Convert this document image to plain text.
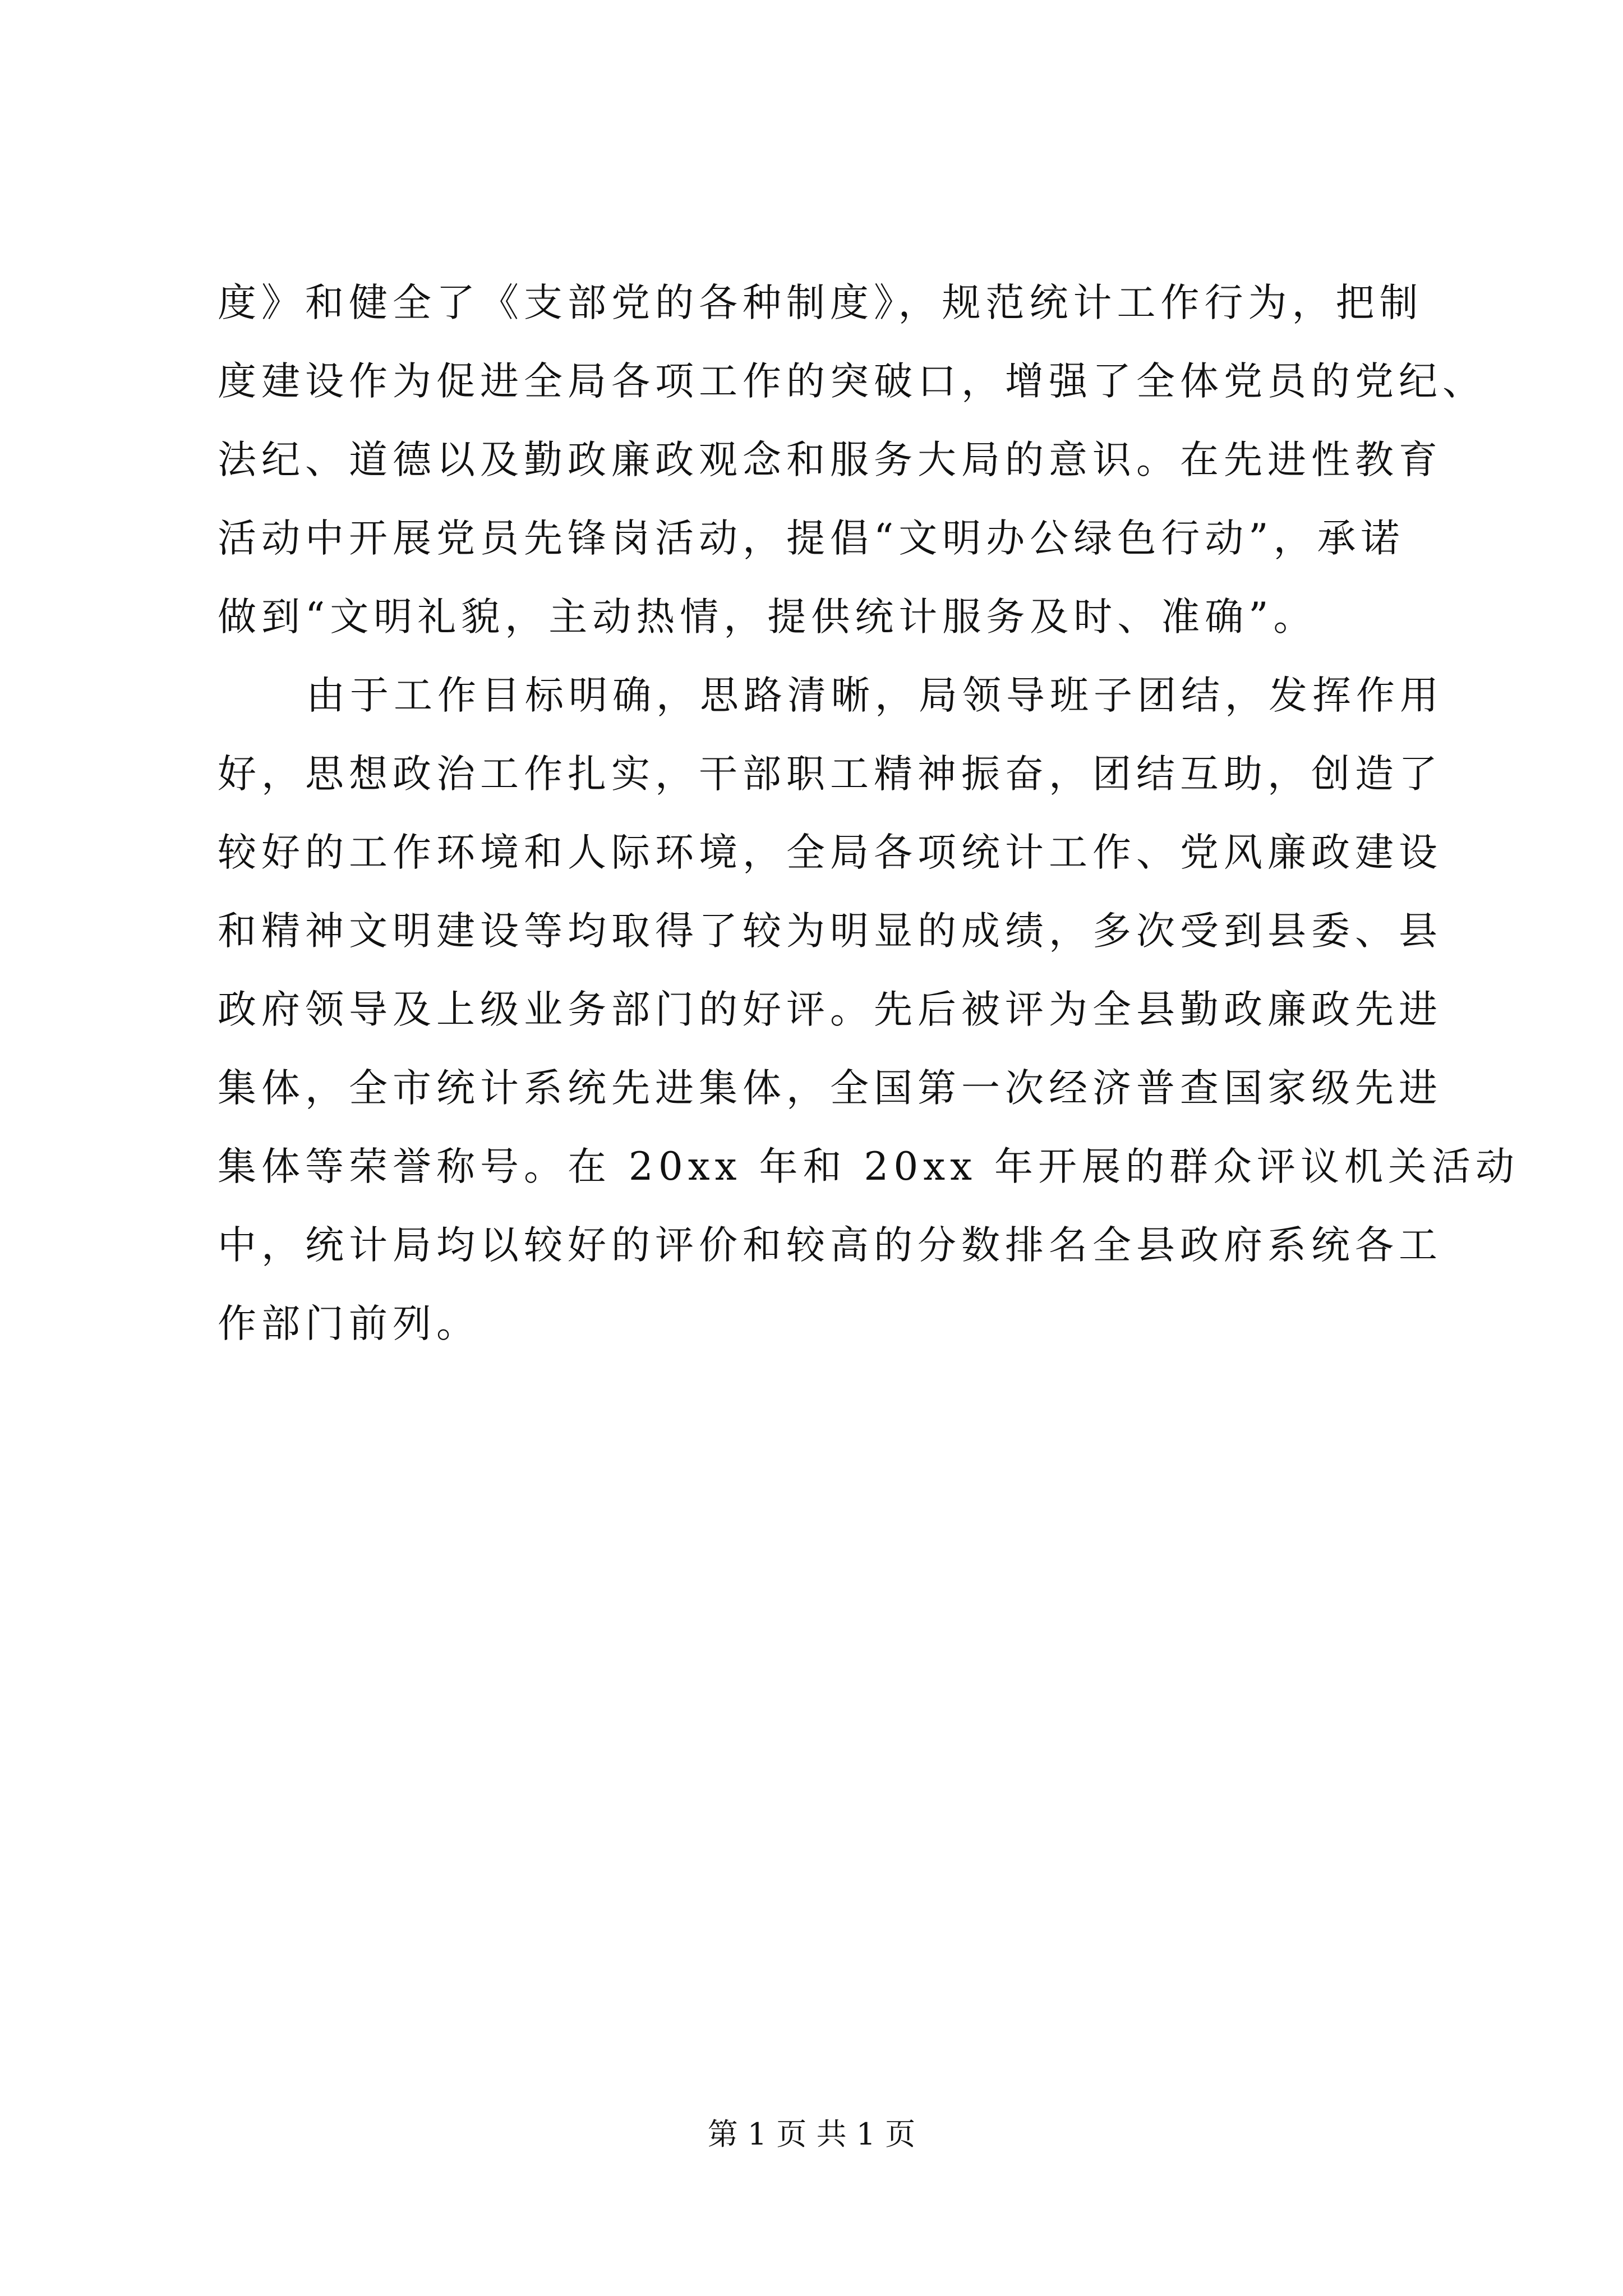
度》和健全了《支部党的各种制度》，规范统计工作行为，把制
度建设作为促进全局各项工作的突破口，增强了全体党员的党纪、
法纪、道德以及勤政廉政观念和服务大局的意识。在先进性教育
活动中开展党员先锋岗活动，提倡“文明办公绿色行动”，承诺
做到“文明礼貌，主动热情，提供统计服务及时、准确”。
由于工作目标明确，思路清晰，局领导班子团结，发挥作用
好，思想政治工作扎实，干部职工精神振奋，团结互助，创造了
较好的工作环境和人际环境，全局各项统计工作、党风廉政建设
和精神文明建设等均取得了较为明显的成绩，多次受到县委、县
政府领导及上级业务部门的好评。先后被评为全县勤政廉政先进
集体，全市统计系统先进集体，全国第一次经济普查国家级先进
集体等荣誉称号。在 20xx 年和 20xx 年开展的群众评议机关活动
中，统计局均以较好的评价和较高的分数排名全县政府系统各工
作部门前列。
第 1 页 共 1 页
